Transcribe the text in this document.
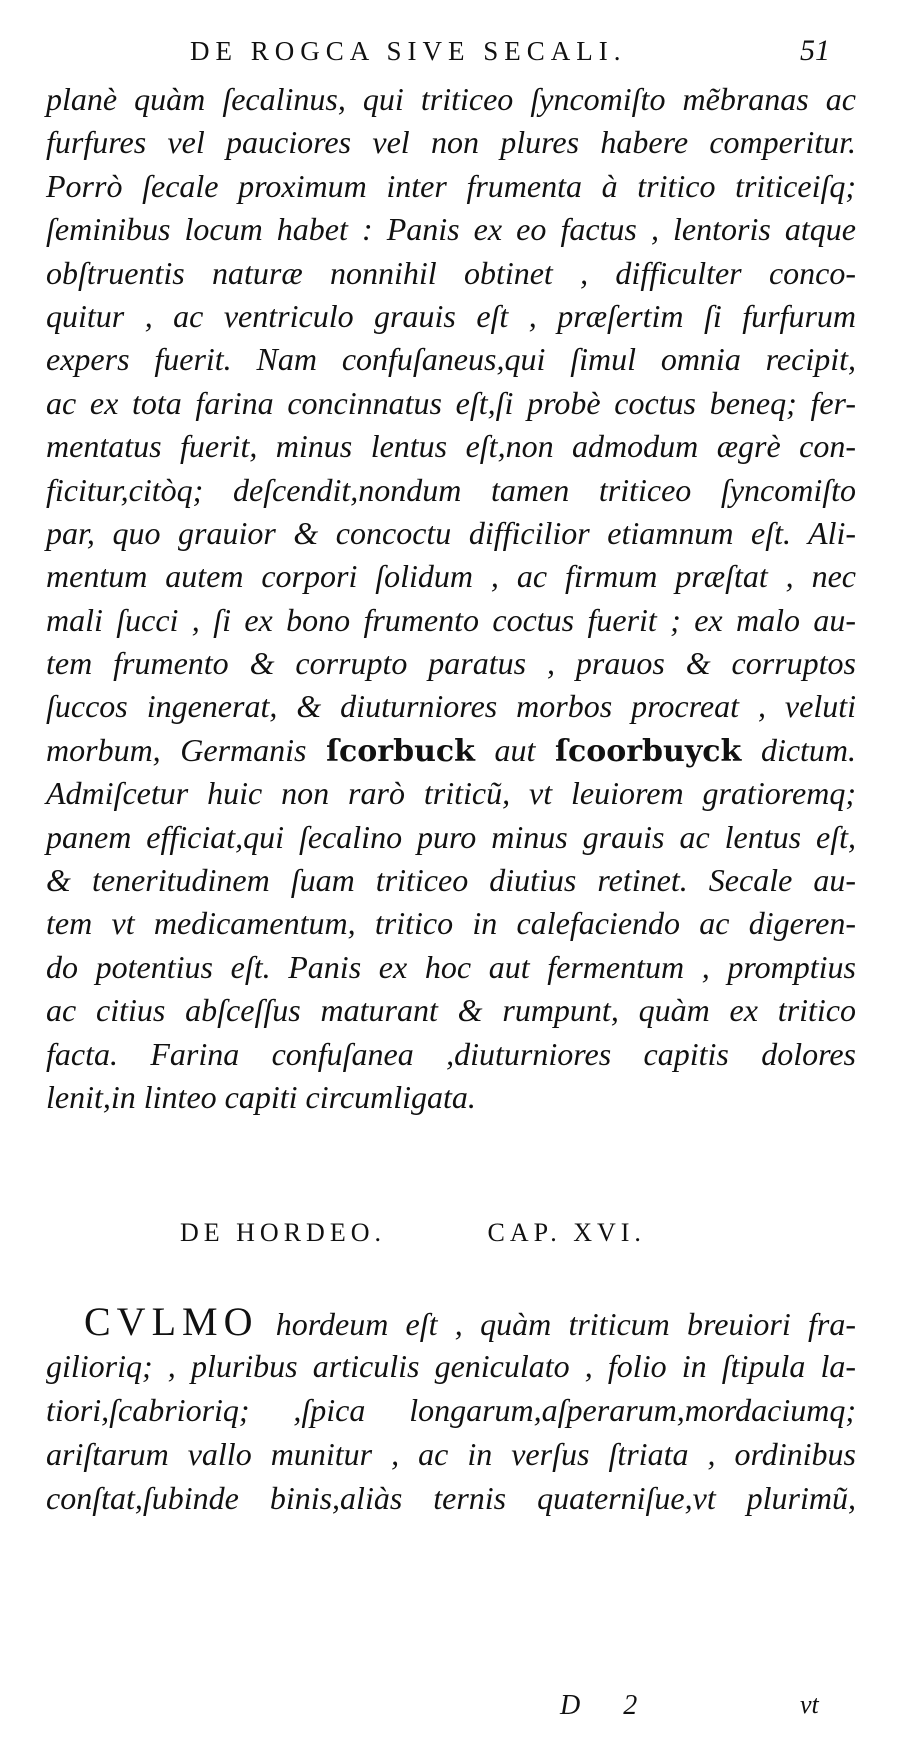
DE ROGCA SIVE SECALI.	51
planè quàm ſecalinus, qui triticeo ſyncomiſto mẽbranas ac
furfures vel pauciores vel non plures habere comperitur.
Porrò ſecale proximum inter frumenta à tritico triticeiſq;
ſeminibus locum habet : Panis ex eo factus , lentoris atque
obſtruentis naturæ nonnihil obtinet , difficulter conco-
quitur , ac ventriculo grauis eſt , præſertim ſi furfurum
expers fuerit. Nam confuſaneus,qui ſimul omnia recipit,
ac ex tota farina concinnatus eſt,ſi probè coctus beneq; fer-
mentatus fuerit, minus lentus eſt,non admodum ægrè con-
ficitur,citòq; deſcendit,nondum tamen triticeo ſyncomiſto
par, quo grauior & concoctu difficilior etiamnum eſt. Ali-
mentum autem corpori ſolidum , ac firmum præſtat , nec
mali ſucci , ſi ex bono frumento coctus fuerit ; ex malo au-
tem frumento & corrupto paratus , prauos & corruptos
ſuccos ingenerat, & diuturniores morbos procreat , veluti
morbum, Germanis ſcorbuck aut ſcoorbuyck dictum.
Admiſcetur huic non rarò triticũ, vt leuiorem gratioremq;
panem efficiat,qui ſecalino puro minus grauis ac lentus eſt,
& teneritudinem ſuam triticeo diutius retinet. Secale au-
tem vt medicamentum, tritico in calefaciendo ac digeren-
do potentius eſt. Panis ex hoc aut fermentum , promptius
ac citius abſceſſus maturant & rumpunt, quàm ex tritico
facta. Farina confuſanea ,diuturniores capitis dolores
lenit,in linteo capiti circumligata.
DE HORDEO.	CAP. XVI.
CVLMO hordeum eſt , quàm triticum breuiori fra-
gilioriq; , pluribus articulis geniculato , folio in ſtipula la-
tiori,ſcabrioriq; ,ſpica longarum,aſperarum,mordaciumq;
ariſtarum vallo munitur , ac in verſus ſtriata , ordinibus
conſtat,ſubinde binis,aliàs ternis quaterniſue,vt plurimũ,
D 2	vt
